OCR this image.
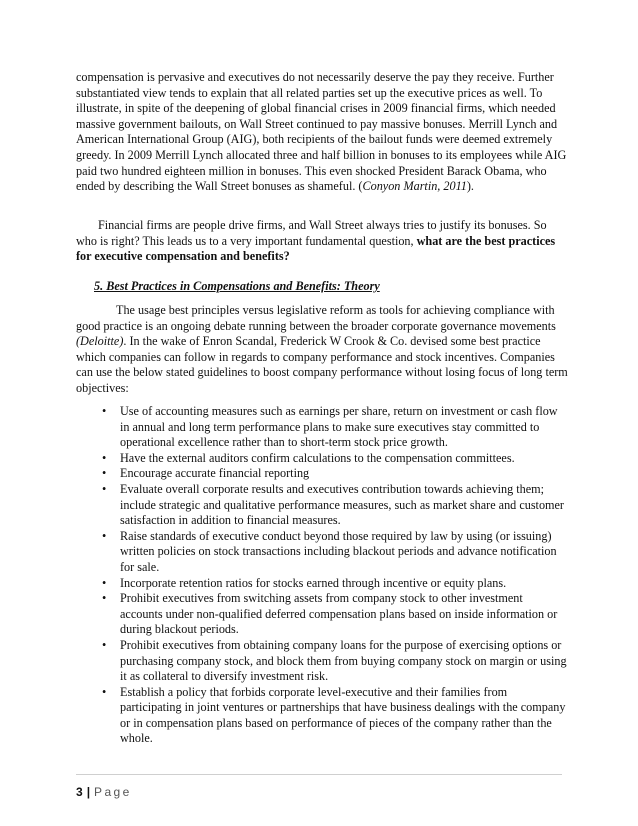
compensation is pervasive and executives do not necessarily deserve the pay they receive. Further substantiated view tends to explain that all related parties set up the executive prices as well. To illustrate, in spite of the deepening of global financial crises in 2009 financial firms, which needed massive government bailouts, on Wall Street continued to pay massive bonuses. Merrill Lynch and American International Group (AIG), both recipients of the bailout funds were deemed extremely greedy. In 2009 Merrill Lynch allocated three and half billion in bonuses to its employees while AIG paid two hundred eighteen million in bonuses. This even shocked President Barack Obama, who ended by describing the Wall Street bonuses as shameful. (Conyon Martin, 2011).

Financial firms are people drive firms, and Wall Street always tries to justify its bonuses. So who is right? This leads us to a very important fundamental question, what are the best practices for executive compensation and benefits?

5. Best Practices in Compensations and Benefits: Theory

The usage best principles versus legislative reform as tools for achieving compliance with good practice is an ongoing debate running between the broader corporate governance movements (Deloitte). In the wake of Enron Scandal, Frederick W Crook & Co. devised some best practice which companies can follow in regards to company performance and stock incentives. Companies can use the below stated guidelines to boost company performance without losing focus of long term objectives:

• Use of accounting measures such as earnings per share, return on investment or cash flow in annual and long term performance plans to make sure executives stay committed to operational excellence rather than to short-term stock price growth.
• Have the external auditors confirm calculations to the compensation committees.
• Encourage accurate financial reporting
• Evaluate overall corporate results and executives contribution towards achieving them; include strategic and qualitative performance measures, such as market share and customer satisfaction in addition to financial measures.
• Raise standards of executive conduct beyond those required by law by using (or issuing) written policies on stock transactions including blackout periods and advance notification for sale.
• Incorporate retention ratios for stocks earned through incentive or equity plans.
• Prohibit executives from switching assets from company stock to other investment accounts under non-qualified deferred compensation plans based on inside information or during blackout periods.
• Prohibit executives from obtaining company loans for the purpose of exercising options or purchasing company stock, and block them from buying company stock on margin or using it as collateral to diversify investment risk.
• Establish a policy that forbids corporate level-executive and their families from participating in joint ventures or partnerships that have business dealings with the company or in compensation plans based on performance of pieces of the company rather than the whole.

3 | Page
